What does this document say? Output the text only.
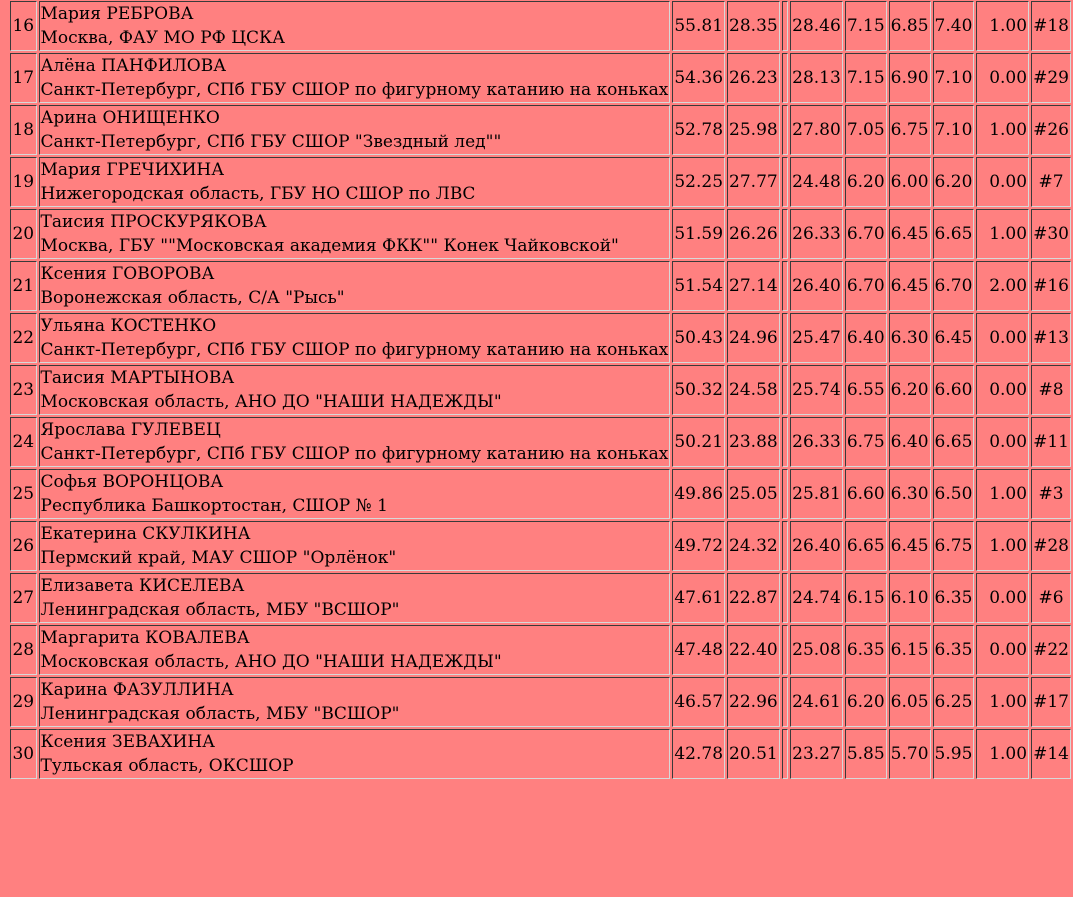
16	Мария РЕБРОВА
Москва, ФАУ МО РФ ЦСКА	55.81	28.35		28.46	7.15	6.85	7.40	1.00	#18
17	Алёна ПАНФИЛОВА
Санкт-Петербург, СПб ГБУ СШОР по фигурному катанию на коньках	54.36	26.23		28.13	7.15	6.90	7.10	0.00	#29
18	Арина ОНИЩЕНКО
Санкт-Петербург, СПб ГБУ СШОР "Звездный лед""	52.78	25.98		27.80	7.05	6.75	7.10	1.00	#26
19	Мария ГРЕЧИХИНА
Нижегородская область, ГБУ НО СШОР по ЛВС	52.25	27.77		24.48	6.20	6.00	6.20	0.00	#7
20	Таисия ПРОСКУРЯКОВА
Москва, ГБУ ""Московская академия ФКК"" Конек Чайковской"	51.59	26.26		26.33	6.70	6.45	6.65	1.00	#30
21	Ксения ГОВОРОВА
Воронежская область, С/А "Рысь"	51.54	27.14		26.40	6.70	6.45	6.70	2.00	#16
22	Ульяна КОСТЕНКО
Санкт-Петербург, СПб ГБУ СШОР по фигурному катанию на коньках	50.43	24.96		25.47	6.40	6.30	6.45	0.00	#13
23	Таисия МАРТЫНОВА
Московская область, АНО ДО "НАШИ НАДЕЖДЫ"	50.32	24.58		25.74	6.55	6.20	6.60	0.00	#8
24	Ярослава ГУЛЕВЕЦ
Санкт-Петербург, СПб ГБУ СШОР по фигурному катанию на коньках	50.21	23.88		26.33	6.75	6.40	6.65	0.00	#11
25	Софья ВОРОНЦОВА
Республика Башкортостан, СШОР № 1	49.86	25.05		25.81	6.60	6.30	6.50	1.00	#3
26	Екатерина СКУЛКИНА
Пермский край, МАУ СШОР "Орлёнок"	49.72	24.32		26.40	6.65	6.45	6.75	1.00	#28
27	Елизавета КИСЕЛЕВА
Ленинградская область, МБУ "ВСШОР"	47.61	22.87		24.74	6.15	6.10	6.35	0.00	#6
28	Маргарита КОВАЛЕВА
Московская область, АНО ДО "НАШИ НАДЕЖДЫ"	47.48	22.40		25.08	6.35	6.15	6.35	0.00	#22
29	Карина ФАЗУЛЛИНА
Ленинградская область, МБУ "ВСШОР"	46.57	22.96		24.61	6.20	6.05	6.25	1.00	#17
30	Ксения ЗЕВАХИНА
Тульская область, ОКСШОР	42.78	20.51		23.27	5.85	5.70	5.95	1.00	#14
